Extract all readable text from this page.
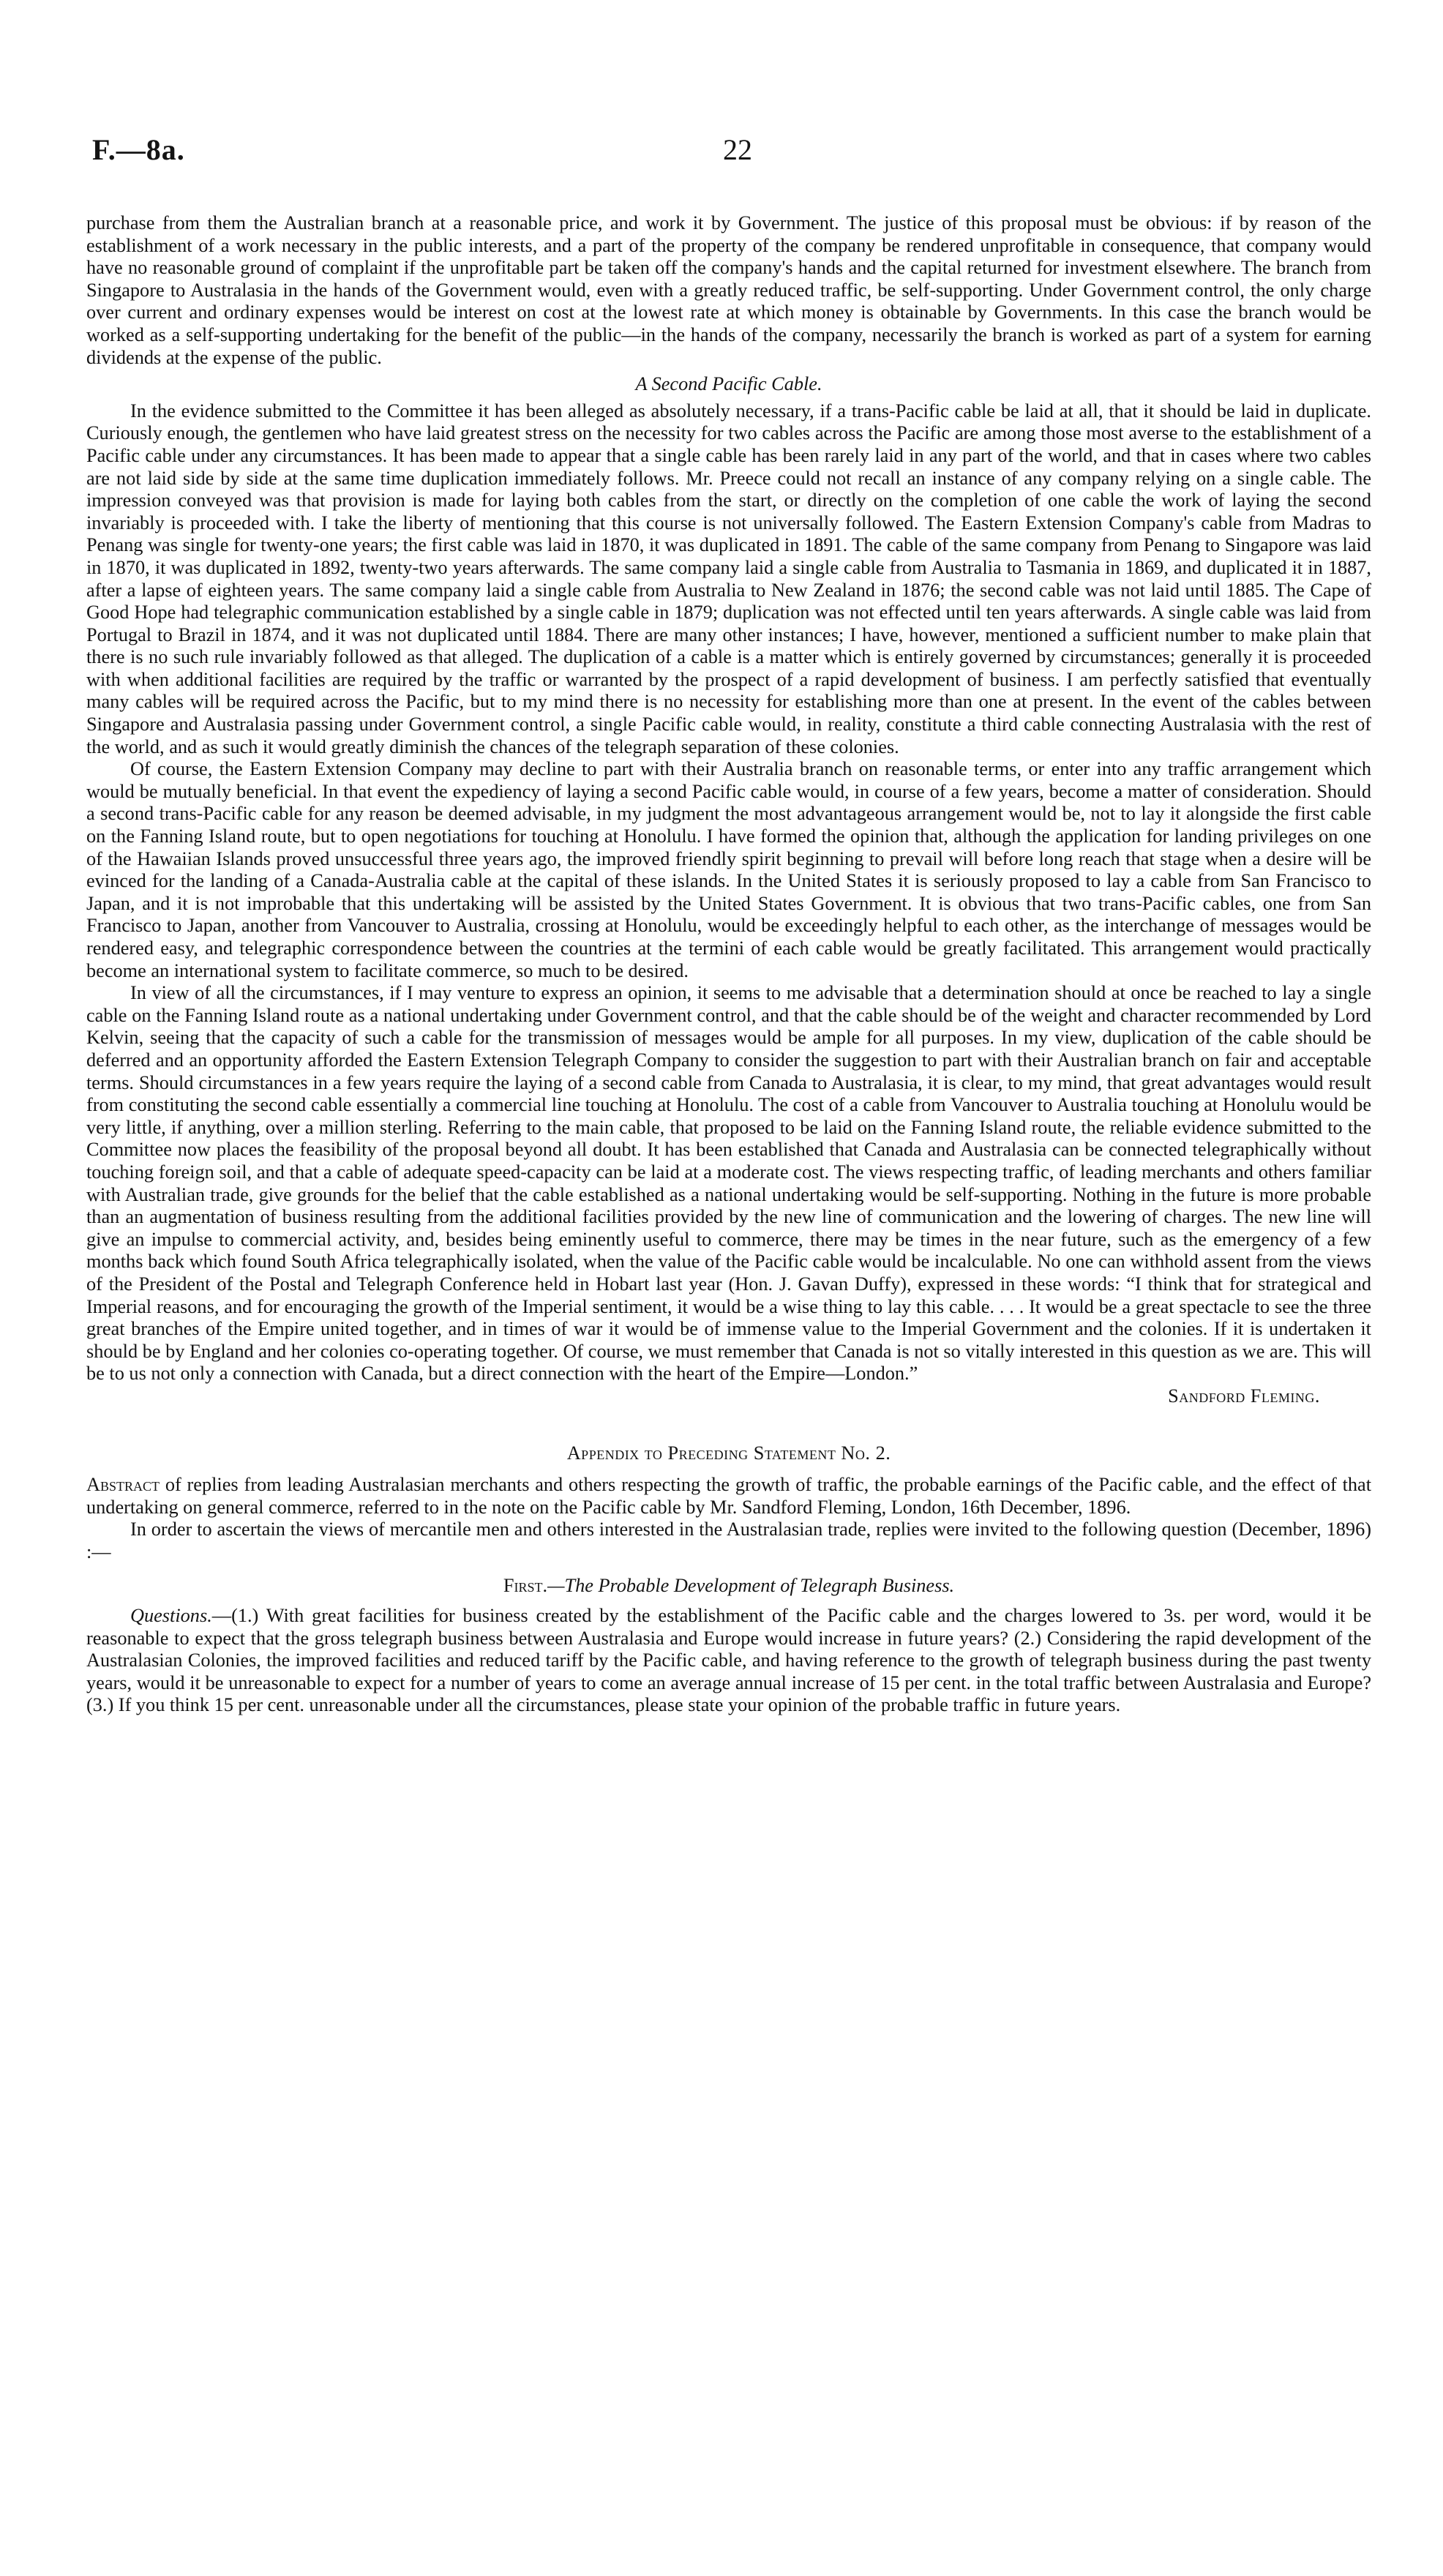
F.—8a.	22

purchase from them the Australian branch at a reasonable price, and work it by Government. The justice of this proposal must be obvious: if by reason of the establishment of a work necessary in the public interests, and a part of the property of the company be rendered unprofitable in consequence, that company would have no reasonable ground of complaint if the unprofitable part be taken off the company's hands and the capital returned for investment elsewhere. The branch from Singapore to Australasia in the hands of the Government would, even with a greatly reduced traffic, be self-supporting. Under Government control, the only charge over current and ordinary expenses would be interest on cost at the lowest rate at which money is obtainable by Governments. In this case the branch would be worked as a self-supporting undertaking for the benefit of the public—in the hands of the company, necessarily the branch is worked as part of a system for earning dividends at the expense of the public.

A Second Pacific Cable.

In the evidence submitted to the Committee it has been alleged as absolutely necessary, if a trans-Pacific cable be laid at all, that it should be laid in duplicate. Curiously enough, the gentlemen who have laid greatest stress on the necessity for two cables across the Pacific are among those most averse to the establishment of a Pacific cable under any circumstances. It has been made to appear that a single cable has been rarely laid in any part of the world, and that in cases where two cables are not laid side by side at the same time duplication immediately follows. Mr. Preece could not recall an instance of any company relying on a single cable. The impression conveyed was that provision is made for laying both cables from the start, or directly on the completion of one cable the work of laying the second invariably is proceeded with. I take the liberty of mentioning that this course is not universally followed. The Eastern Extension Company's cable from Madras to Penang was single for twenty-one years; the first cable was laid in 1870, it was duplicated in 1891. The cable of the same company from Penang to Singapore was laid in 1870, it was duplicated in 1892, twenty-two years afterwards. The same company laid a single cable from Australia to Tasmania in 1869, and duplicated it in 1887, after a lapse of eighteen years. The same company laid a single cable from Australia to New Zealand in 1876; the second cable was not laid until 1885. The Cape of Good Hope had telegraphic communication established by a single cable in 1879; duplication was not effected until ten years afterwards. A single cable was laid from Portugal to Brazil in 1874, and it was not duplicated until 1884. There are many other instances; I have, however, mentioned a sufficient number to make plain that there is no such rule invariably followed as that alleged. The duplication of a cable is a matter which is entirely governed by circumstances; generally it is proceeded with when additional facilities are required by the traffic or warranted by the prospect of a rapid development of business. I am perfectly satisfied that eventually many cables will be required across the Pacific, but to my mind there is no necessity for establishing more than one at present. In the event of the cables between Singapore and Australasia passing under Government control, a single Pacific cable would, in reality, constitute a third cable connecting Australasia with the rest of the world, and as such it would greatly diminish the chances of the telegraph separation of these colonies.

Of course, the Eastern Extension Company may decline to part with their Australia branch on reasonable terms, or enter into any traffic arrangement which would be mutually beneficial. In that event the expediency of laying a second Pacific cable would, in course of a few years, become a matter of consideration. Should a second trans-Pacific cable for any reason be deemed advisable, in my judgment the most advantageous arrangement would be, not to lay it alongside the first cable on the Fanning Island route, but to open negotiations for touching at Honolulu. I have formed the opinion that, although the application for landing privileges on one of the Hawaiian Islands proved unsuccessful three years ago, the improved friendly spirit beginning to prevail will before long reach that stage when a desire will be evinced for the landing of a Canada-Australia cable at the capital of these islands. In the United States it is seriously proposed to lay a cable from San Francisco to Japan, and it is not improbable that this undertaking will be assisted by the United States Government. It is obvious that two trans-Pacific cables, one from San Francisco to Japan, another from Vancouver to Australia, crossing at Honolulu, would be exceedingly helpful to each other, as the interchange of messages would be rendered easy, and telegraphic correspondence between the countries at the termini of each cable would be greatly facilitated. This arrangement would practically become an international system to facilitate commerce, so much to be desired.

In view of all the circumstances, if I may venture to express an opinion, it seems to me advisable that a determination should at once be reached to lay a single cable on the Fanning Island route as a national undertaking under Government control, and that the cable should be of the weight and character recommended by Lord Kelvin, seeing that the capacity of such a cable for the transmission of messages would be ample for all purposes. In my view, duplication of the cable should be deferred and an opportunity afforded the Eastern Extension Telegraph Company to consider the suggestion to part with their Australian branch on fair and acceptable terms. Should circumstances in a few years require the laying of a second cable from Canada to Australasia, it is clear, to my mind, that great advantages would result from constituting the second cable essentially a commercial line touching at Honolulu. The cost of a cable from Vancouver to Australia touching at Honolulu would be very little, if anything, over a million sterling. Referring to the main cable, that proposed to be laid on the Fanning Island route, the reliable evidence submitted to the Committee now places the feasibility of the proposal beyond all doubt. It has been established that Canada and Australasia can be connected telegraphically without touching foreign soil, and that a cable of adequate speed-capacity can be laid at a moderate cost. The views respecting traffic, of leading merchants and others familiar with Australian trade, give grounds for the belief that the cable established as a national undertaking would be self-supporting. Nothing in the future is more probable than an augmentation of business resulting from the additional facilities provided by the new line of communication and the lowering of charges. The new line will give an impulse to commercial activity, and, besides being eminently useful to commerce, there may be times in the near future, such as the emergency of a few months back which found South Africa telegraphically isolated, when the value of the Pacific cable would be incalculable. No one can withhold assent from the views of the President of the Postal and Telegraph Conference held in Hobart last year (Hon. J. Gavan Duffy), expressed in these words: “I think that for strategical and Imperial reasons, and for encouraging the growth of the Imperial sentiment, it would be a wise thing to lay this cable. . . . It would be a great spectacle to see the three great branches of the Empire united together, and in times of war it would be of immense value to the Imperial Government and the colonies. If it is undertaken it should be by England and her colonies co-operating together. Of course, we must remember that Canada is not so vitally interested in this question as we are. This will be to us not only a connection with Canada, but a direct connection with the heart of the Empire—London.”

Sandford Fleming.
Appendix to Preceding Statement No. 2.

Abstract of replies from leading Australasian merchants and others respecting the growth of traffic, the probable earnings of the Pacific cable, and the effect of that undertaking on general commerce, referred to in the note on the Pacific cable by Mr. Sandford Fleming, London, 16th December, 1896.

In order to ascertain the views of mercantile men and others interested in the Australasian trade, replies were invited to the following question (December, 1896) :—

First.—The Probable Development of Telegraph Business.

Questions.—(1.) With great facilities for business created by the establishment of the Pacific cable and the charges lowered to 3s. per word, would it be reasonable to expect that the gross telegraph business between Australasia and Europe would increase in future years? (2.) Considering the rapid development of the Australasian Colonies, the improved facilities and reduced tariff by the Pacific cable, and having reference to the growth of telegraph business during the past twenty years, would it be unreasonable to expect for a number of years to come an average annual increase of 15 per cent. in the total traffic between Australasia and Europe? (3.) If you think 15 per cent. unreasonable under all the circumstances, please state your opinion of the probable traffic in future years.
